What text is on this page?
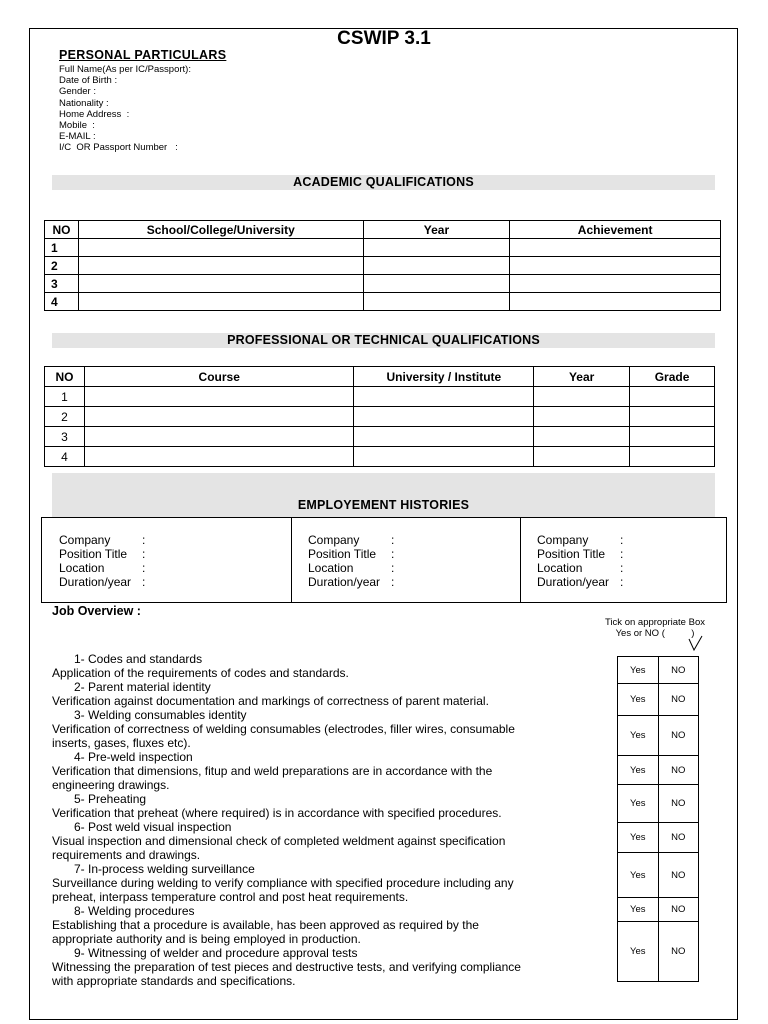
CSWIP 3.1
PERSONAL PARTICULARS
Full Name(As per IC/Passport):
Date of Birth :
Gender :
Nationality :
Home Address  :
Mobile  :
E-MAIL :
I/C  OR Passport Number   :
ACADEMIC QUALIFICATIONS
NO	School/College/University	Year	Achievement
1			
2			
3			
4			
PROFESSIONAL OR TECHNICAL QUALIFICATIONS
NO	Course	University / Institute	Year	Grade
1				
2				
3				
4				
EMPLOYEMENT HISTORIES
Company	:
Position Title	:
Location	:
Duration/year :
Company	:
Position Title	:
Location	:
Duration/year :
Company	:
Position Title	:
Location	:
Duration/year :
Job Overview :
Tick on appropriate Box
Yes or NO (          )
1- Codes and standards
Application of the requirements of codes and standards.
2- Parent material identity
Verification against documentation and markings of correctness of parent material.
3- Welding consumables identity
Verification of correctness of welding consumables (electrodes, filler wires, consumable
inserts, gases, fluxes etc).
4- Pre-weld inspection
Verification that dimensions, fitup and weld preparations are in accordance with the
engineering drawings.
5- Preheating
Verification that preheat (where required) is in accordance with specified procedures.
6- Post weld visual inspection
Visual inspection and dimensional check of completed weldment against specification
requirements and drawings.
7- In-process welding surveillance
Surveillance during welding to verify compliance with specified procedure including any
preheat, interpass temperature control and post heat requirements.
8- Welding procedures
Establishing that a procedure is available, has been approved as required by the
appropriate authority and is being employed in production.
9- Witnessing of welder and procedure approval tests
Witnessing the preparation of test pieces and destructive tests, and verifying compliance
with appropriate standards and specifications.
Yes	NO
Yes	NO
Yes	NO
Yes	NO
Yes	NO
Yes	NO
Yes	NO
Yes	NO
Yes	NO
